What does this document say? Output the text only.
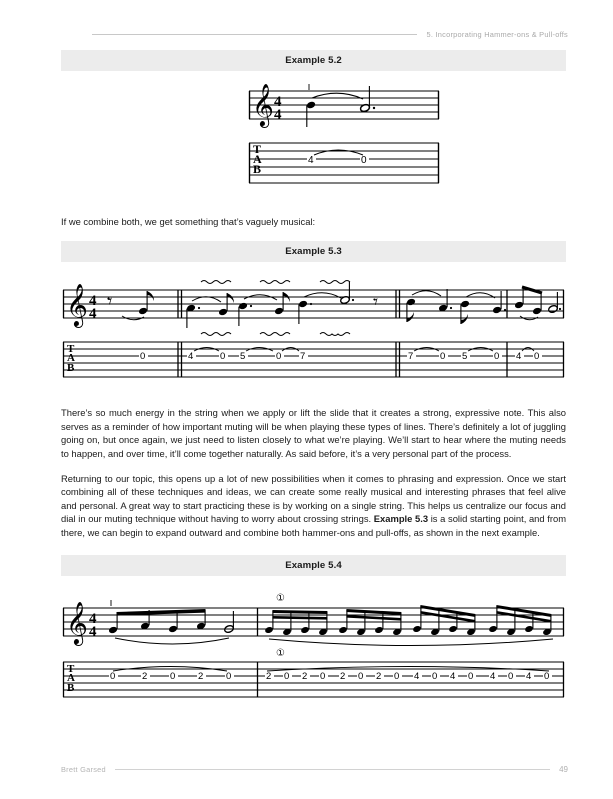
5. Incorporating Hammer-ons & Pull-offs
Example 5.2
𝄞 4
4
T
A
B
4	0

If we combine both, we get something that’s vaguely musical:

Example 5.3
𝄞 4
4
𝄾	𝄾
T
A
B
0	4	0 5	0 7	7	0 5	0 4 0

There’s so much energy in the string when we apply or lift the slide that it creates a strong, expressive note. This also serves as a reminder of how important muting will be when playing these types of lines. There’s definitely a lot of juggling going on, but once again, we just need to listen closely to what we’re playing. We’ll start to hear where the muting needs to happen, and over time, it’ll come together naturally. As said before, it’s a very personal part of the process.

Returning to our topic, this opens up a lot of new possibilities when it comes to phrasing and expression. Once we start combining all of these techniques and ideas, we can create some really musical and interesting phrases that feel alive and personal. A great way to start practicing these is by working on a single string. This helps us centralize our focus and dial in our muting technique without having to worry about crossing strings. Example 5.3 is a solid starting point, and from there, we can begin to expand outward and combine both hammer-ons and pull-offs, as shown in the next example.

Example 5.4
𝄞 4
4
①
①
T
A
B
0	2 0 2 0	2 0 2 0 2 0 2 0 4 0 4 0 4 0 4 0
Brett Garsed	49
